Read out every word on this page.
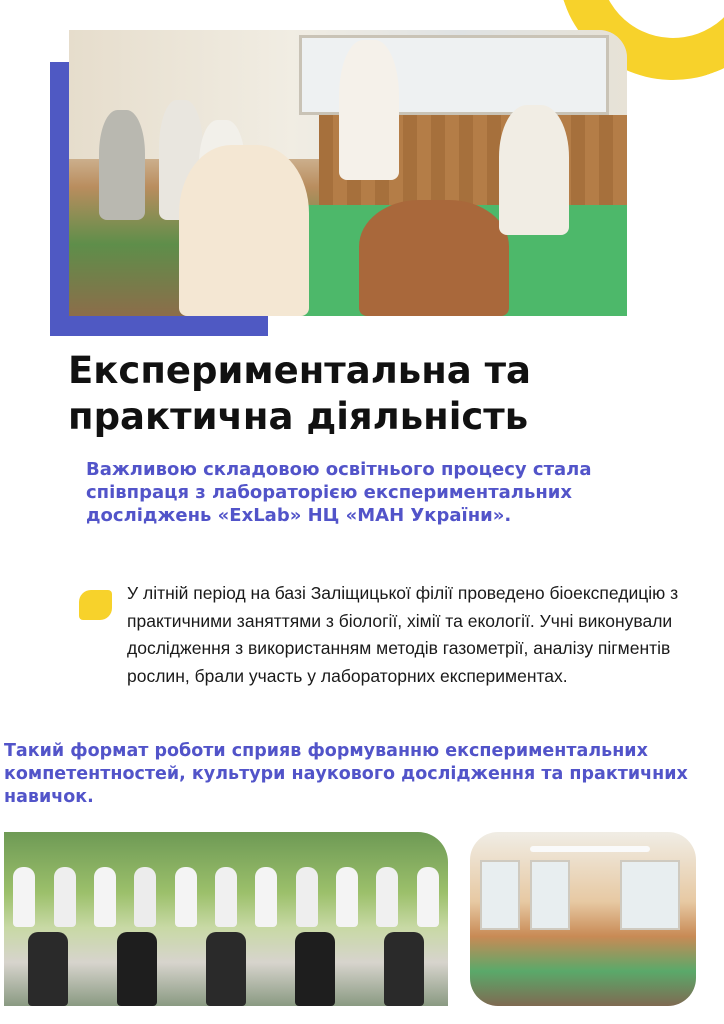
Експериментальна та
практична діяльність
Важливою складовою освітнього процесу стала співпраця з лабораторією експериментальних досліджень «ExLab» НЦ «МАН України».
У літній період на базі Заліщицької філії проведено біоекспедицію з практичними заняттями з біології, хімії та екології. Учні виконували дослідження з використанням методів газометрії, аналізу пігментів рослин, брали участь у лабораторних експериментах.
Такий формат роботи сприяв формуванню експериментальних компетентностей, культури наукового дослідження та практичних навичок.
